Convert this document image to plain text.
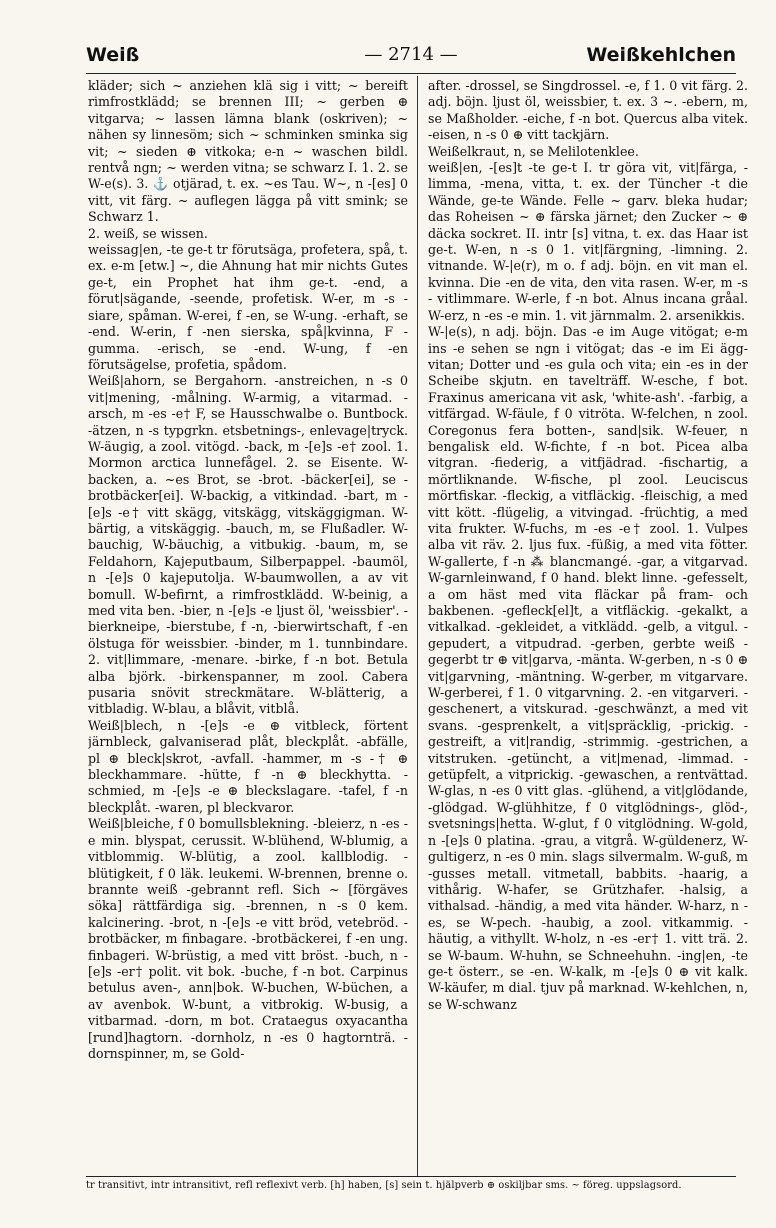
Weiß	— 2714 —	Weißkehlchen

kläder; sich ~ anziehen klä sig i vitt; ~ bereift rimfrostklädd; se brennen III; ~ gerben ⊕ vitgarva; ~ lassen lämna blank (oskriven); ~ nähen sy linnesöm; sich ~ schminken sminka sig vit; ~ sieden ⊕ vitkoka; e-n ~ waschen bildl. rentvå ngn; ~ werden vitna; se schwarz I. 1. 2. se W-e(s). 3. ⚓ otjärad, t. ex. ~es Tau. W~, n -[es] 0 vitt, vit färg. ~ auflegen lägga på vitt smink; se Schwarz 1.

2. weiß, se wissen.

weissag|en, -te ge-t tr förutsäga, profetera, spå, t. ex. e-m [etw.] ~, die Ahnung hat mir nichts Gutes ge-t, ein Prophet hat ihm ge-t. -end, a förut|sägande, -seende, profetisk. W-er, m -s - siare, spåman. W-erei, f -en, se W-ung. -erhaft, se -end. W-erin, f -nen sierska, spå|kvinna, F -gumma. -erisch, se -end. W-ung, f -en förutsägelse, profetia, spådom.

Weiß|ahorn, se Bergahorn. -anstreichen, n -s 0 vit|mening, -målning. W-armig, a vitarmad. -arsch, m -es -e† F, se Hausschwalbe o. Buntbock. -ätzen, n -s typgrkn. etsbetnings-, enlevage|tryck. W-äugig, a zool. vitögd. -back, m -[e]s -e† zool. 1. Mormon arctica lunnefågel. 2. se Eisente. W-backen, a. ~es Brot, se -brot. -bäcker[ei], se -brotbäcker[ei]. W-backig, a vitkindad. -bart, m -[e]s -e† vitt skägg, vitskägg, vitskäggigman. W-bärtig, a vitskäggig. -bauch, m, se Flußadler. W-bauchig, W-bäuchig, a vitbukig. -baum, m, se Feldahorn, Kajeputbaum, Silberpappel. -baumöl, n -[e]s 0 kajeputolja. W-baumwollen, a av vit bomull. W-befirnt, a rimfrostklädd. W-beinig, a med vita ben. -bier, n -[e]s -e ljust öl, 'weissbier'. -bierkneipe, -bierstube, f -n, -bierwirtschaft, f -en ölstuga för weissbier. -binder, m 1. tunnbindare. 2. vit|limmare, -menare. -birke, f -n bot. Betula alba björk. -birkenspanner, m zool. Cabera pusaria snövit streckmätare. W-blätterig, a vitbladig. W-blau, a blåvit, vitblå.

Weiß|blech, n -[e]s -e ⊕ vitbleck, förtent järnbleck, galvaniserad plåt, bleckplåt. -abfälle, pl ⊕ bleck|skrot, -avfall. -hammer, m -s -† ⊕ bleckhammare. -hütte, f -n ⊕ bleckhytta. -schmied, m -[e]s -e ⊕ bleckslagare. -tafel, f -n bleckplåt. -waren, pl bleckvaror.

Weiß|bleiche, f 0 bomullsblekning. -bleierz, n -es -e min. blyspat, cerussit. W-blühend, W-blumig, a vitblommig. W-blütig, a zool. kallblodig. -blütigkeit, f 0 läk. leukemi. W-brennen, brenne o. brannte weiß -gebrannt refl. Sich ~ [förgäves söka] rättfärdiga sig. -brennen, n -s 0 kem. kalcinering. -brot, n -[e]s -e vitt bröd, vetebröd. -brotbäcker, m finbagare. -brotbäckerei, f -en ung. finbageri. W-brüstig, a med vitt bröst. -buch, n -[e]s -er† polit. vit bok. -buche, f -n bot. Carpinus betulus aven-, ann|bok. W-buchen, W-büchen, a av avenbok. W-bunt, a vitbrokig. W-busig, a vitbarmad. -dorn, m bot. Crataegus oxyacantha [rund]hagtorn. -dornholz, n -es 0 hagtornträ. -dornspinner, m, se Gold-

after. -drossel, se Singdrossel. -e, f 1. 0 vit färg. 2. adj. böjn. ljust öl, weissbier, t. ex. 3 ~. -ebern, m, se Maßholder. -eiche, f -n bot. Quercus alba vitek. -eisen, n -s 0 ⊕ vitt tackjärn.

Weißelkraut, n, se Melilotenklee.

weiß|en, -[es]t -te ge-t I. tr göra vit, vit|färga, -limma, -mena, vitta, t. ex. der Tüncher -t die Wände, ge-te Wände. Felle ~ garv. bleka hudar; das Roheisen ~ ⊕ färska järnet; den Zucker ~ ⊕ däcka sockret. II. intr [s] vitna, t. ex. das Haar ist ge-t. W-en, n -s 0 1. vit|färgning, -limning. 2. vitnande. W-|e(r), m o. f adj. böjn. en vit man el. kvinna. Die -en de vita, den vita rasen. W-er, m -s - vitlimmare. W-erle, f -n bot. Alnus incana gråal. W-erz, n -es -e min. 1. vit järnmalm. 2. arsenikkis.

W-|e(s), n adj. böjn. Das -e im Auge vitögat; e-m ins -e sehen se ngn i vitögat; das -e im Ei ägg-vitan; Dotter und -es gula och vita; ein -es in der Scheibe skjutn. en tavelträff. W-esche, f bot. Fraxinus americana vit ask, 'white-ash'. -farbig, a vitfärgad. W-fäule, f 0 vitröta. W-felchen, n zool. Coregonus fera botten-, sand|sik. W-feuer, n bengalisk eld. W-fichte, f -n bot. Picea alba vitgran. -fiederig, a vitfjädrad. -fischartig, a mörtliknande. W-fische, pl zool. Leuciscus mörtfiskar. -fleckig, a vitfläckig. -fleischig, a med vitt kött. -flügelig, a vitvingad. -früchtig, a med vita frukter. W-fuchs, m -es -e† zool. 1. Vulpes alba vit räv. 2. ljus fux. -füßig, a med vita fötter. W-gallerte, f -n ⁂ blancmangé. -gar, a vitgarvad. W-garnleinwand, f 0 hand. blekt linne. -gefesselt, a om häst med vita fläckar på fram- och bakbenen. -gefleck[el]t, a vitfläckig. -gekalkt, a vitkalkad. -gekleidet, a vitklädd. -gelb, a vitgul. -gepudert, a vitpudrad. -gerben, gerbte weiß -gegerbt tr ⊕ vit|garva, -mänta. W-gerben, n -s 0 ⊕ vit|garvning, -mäntning. W-gerber, m vitgarvare. W-gerberei, f 1. 0 vitgarvning. 2. -en vitgarveri. -geschenert, a vitskurad. -geschwänzt, a med vit svans. -gesprenkelt, a vit|spräcklig, -prickig. -gestreift, a vit|randig, -strimmig. -gestrichen, a vitstruken. -getüncht, a vit|menad, -limmad. -getüpfelt, a vitprickig. -gewaschen, a rentvättad. W-glas, n -es 0 vitt glas. -glühend, a vit|glödande, -glödgad. W-glühhitze, f 0 vitglödnings-, glöd-, svetsnings|hetta. W-glut, f 0 vitglödning. W-gold, n -[e]s 0 platina. -grau, a vitgrå. W-güldenerz, W-gultigerz, n -es 0 min. slags silvermalm. W-guß, m -gusses metall. vitmetall, babbits. -haarig, a vithårig. W-hafer, se Grützhafer. -halsig, a vithalsad. -händig, a med vita händer. W-harz, n -es, se W-pech. -haubig, a zool. vitkammig. -häutig, a vithyllt. W-holz, n -es -er† 1. vitt trä. 2. se W-baum. W-huhn, se Schneehuhn. -ing|en, -te ge-t österr., se -en. W-kalk, m -[e]s 0 ⊕ vit kalk. W-käufer, m dial. tjuv på marknad. W-kehlchen, n, se W-schwanz

tr transitivt, intr intransitivt, refl reflexivt verb. [h] haben, [s] sein t. hjälpverb ⊕ oskiljbar sms. ~ föreg. uppslagsord.
